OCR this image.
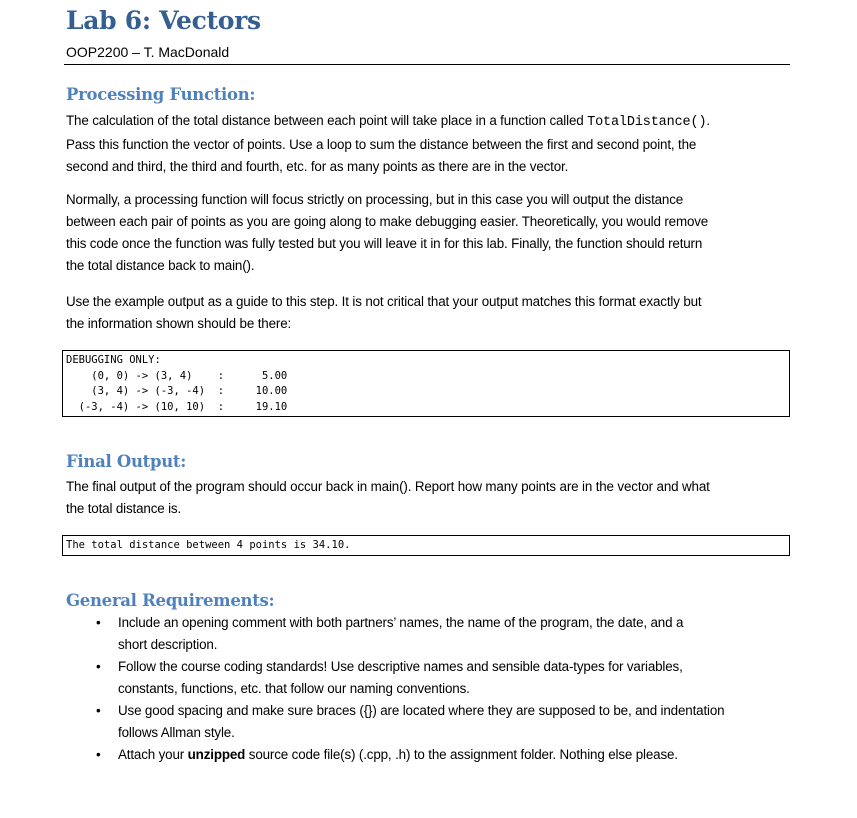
Lab 6: Vectors
OOP2200 – T. MacDonald
Processing Function:
The calculation of the total distance between each point will take place in a function called TotalDistance().
Pass this function the vector of points. Use a loop to sum the distance between the first and second point, the
second and third, the third and fourth, etc. for as many points as there are in the vector.
Normally, a processing function will focus strictly on processing, but in this case you will output the distance
between each pair of points as you are going along to make debugging easier. Theoretically, you would remove
this code once the function was fully tested but you will leave it in for this lab. Finally, the function should return
the total distance back to main().
Use the example output as a guide to this step. It is not critical that your output matches this format exactly but
the information shown should be there:
DEBUGGING ONLY:
(0, 0) -> (3, 4)    :      5.00
(3, 4) -> (-3, -4)  :     10.00
(-3, -4) -> (10, 10)  :     19.10
Final Output:
The final output of the program should occur back in main(). Report how many points are in the vector and what
the total distance is.
The total distance between 4 points is 34.10.
General Requirements:
• Include an opening comment with both partners’ names, the name of the program, the date, and a
short description.
• Follow the course coding standards! Use descriptive names and sensible data-types for variables,
constants, functions, etc. that follow our naming conventions.
• Use good spacing and make sure braces ({}) are located where they are supposed to be, and indentation
follows Allman style.
• Attach your unzipped source code file(s) (.cpp, .h) to the assignment folder. Nothing else please.
